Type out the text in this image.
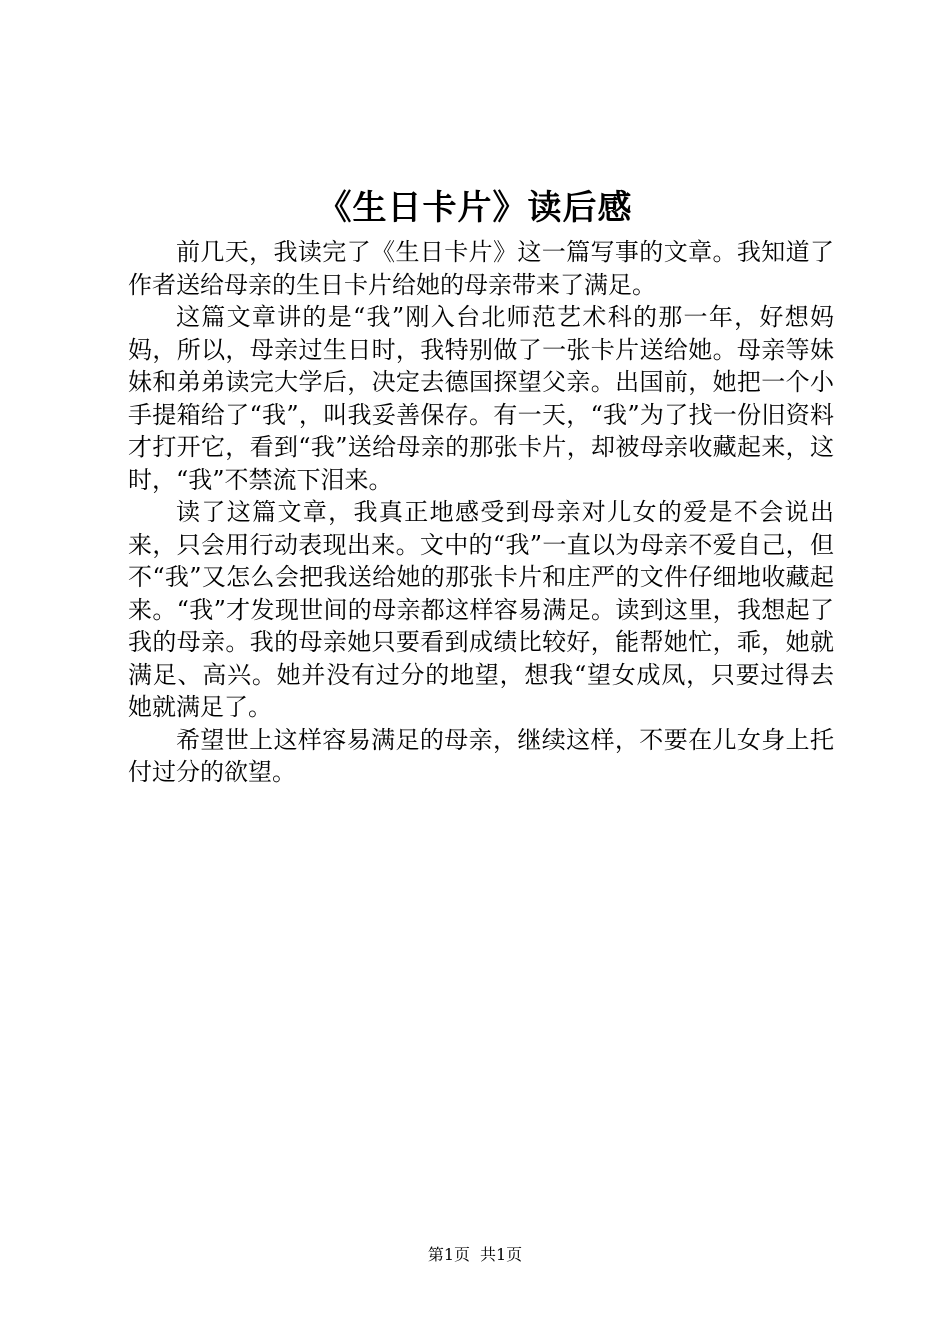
《生日卡片》读后感

前几天，我读完了《生日卡片》这一篇写事的文章。我知道了作者送给母亲的生日卡片给她的母亲带来了满足。

这篇文章讲的是“我”刚入台北师范艺术科的那一年，好想妈妈，所以，母亲过生日时，我特别做了一张卡片送给她。母亲等妹妹和弟弟读完大学后，决定去德国探望父亲。出国前，她把一个小手提箱给了“我”，叫我妥善保存。有一天，“我”为了找一份旧资料才打开它，看到“我”送给母亲的那张卡片，却被母亲收藏起来，这时，“我”不禁流下泪来。

读了这篇文章，我真正地感受到母亲对儿女的爱是不会说出来，只会用行动表现出来。文中的“我”一直以为母亲不爱自己，但不“我”又怎么会把我送给她的那张卡片和庄严的文件仔细地收藏起来。“我”才发现世间的母亲都这样容易满足。读到这里，我想起了我的母亲。我的母亲她只要看到成绩比较好，能帮她忙，乖，她就满足、高兴。她并没有过分的地望，想我“望女成凤，只要过得去她就满足了。

希望世上这样容易满足的母亲，继续这样，不要在儿女身上托付过分的欲望。

第1页 共1页
